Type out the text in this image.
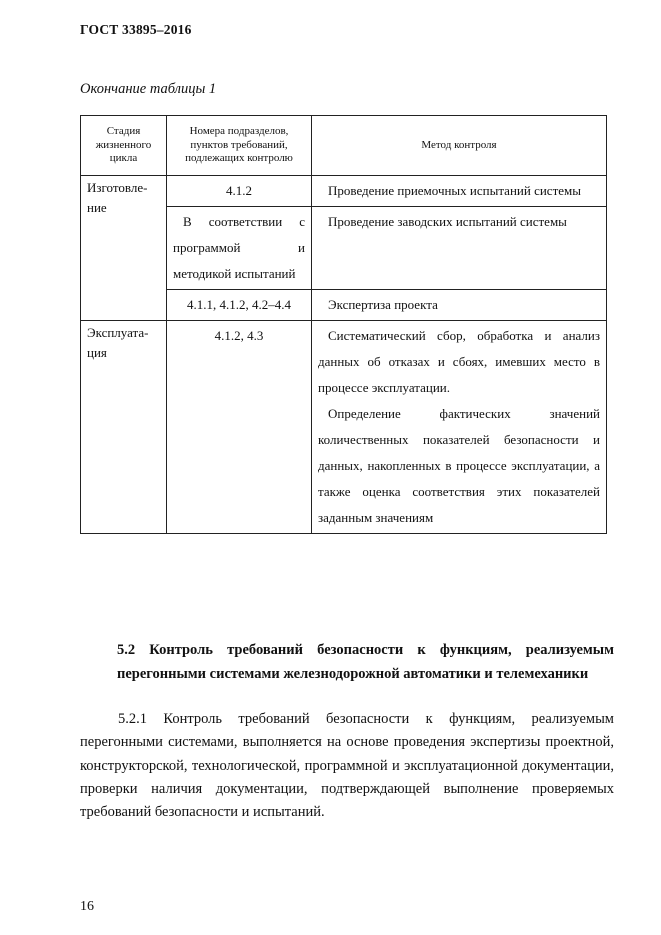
ГОСТ 33895–2016
Окончание таблицы 1
Стадия жизненного цикла	Номера подразделов, пунктов требований, подлежащих контролю	Метод контроля
Изготовле-ние	4.1.2	Проведение приемочных испытаний системы

	В соответствии с программой и методикой испытаний	Проведение заводских испытаний системы

	4.1.1, 4.1.2, 4.2–4.4	Экспертиза проекта

Эксплуата-ция	4.1.2, 4.3	Систематический сбор, обработка и анализ данных об отказах и сбоях, имевших место в процессе эксплуатации.

Определение фактических значений количественных показателей безопасности и данных, накопленных в процессе эксплуатации, а также оценка соответствия этих показателей заданным значениям

5.2 Контроль требований безопасности к функциям, реализуемым перегонными системами железнодорожной автоматики и телемеханики
5.2.1 Контроль требований безопасности к функциям, реализуемым перегонными системами, выполняется на основе проведения экспертизы проектной, конструкторской, технологической, программной и эксплуатационной документации, проверки наличия документации, подтверждающей выполнение проверяемых требований безопасности и испытаний.
16
